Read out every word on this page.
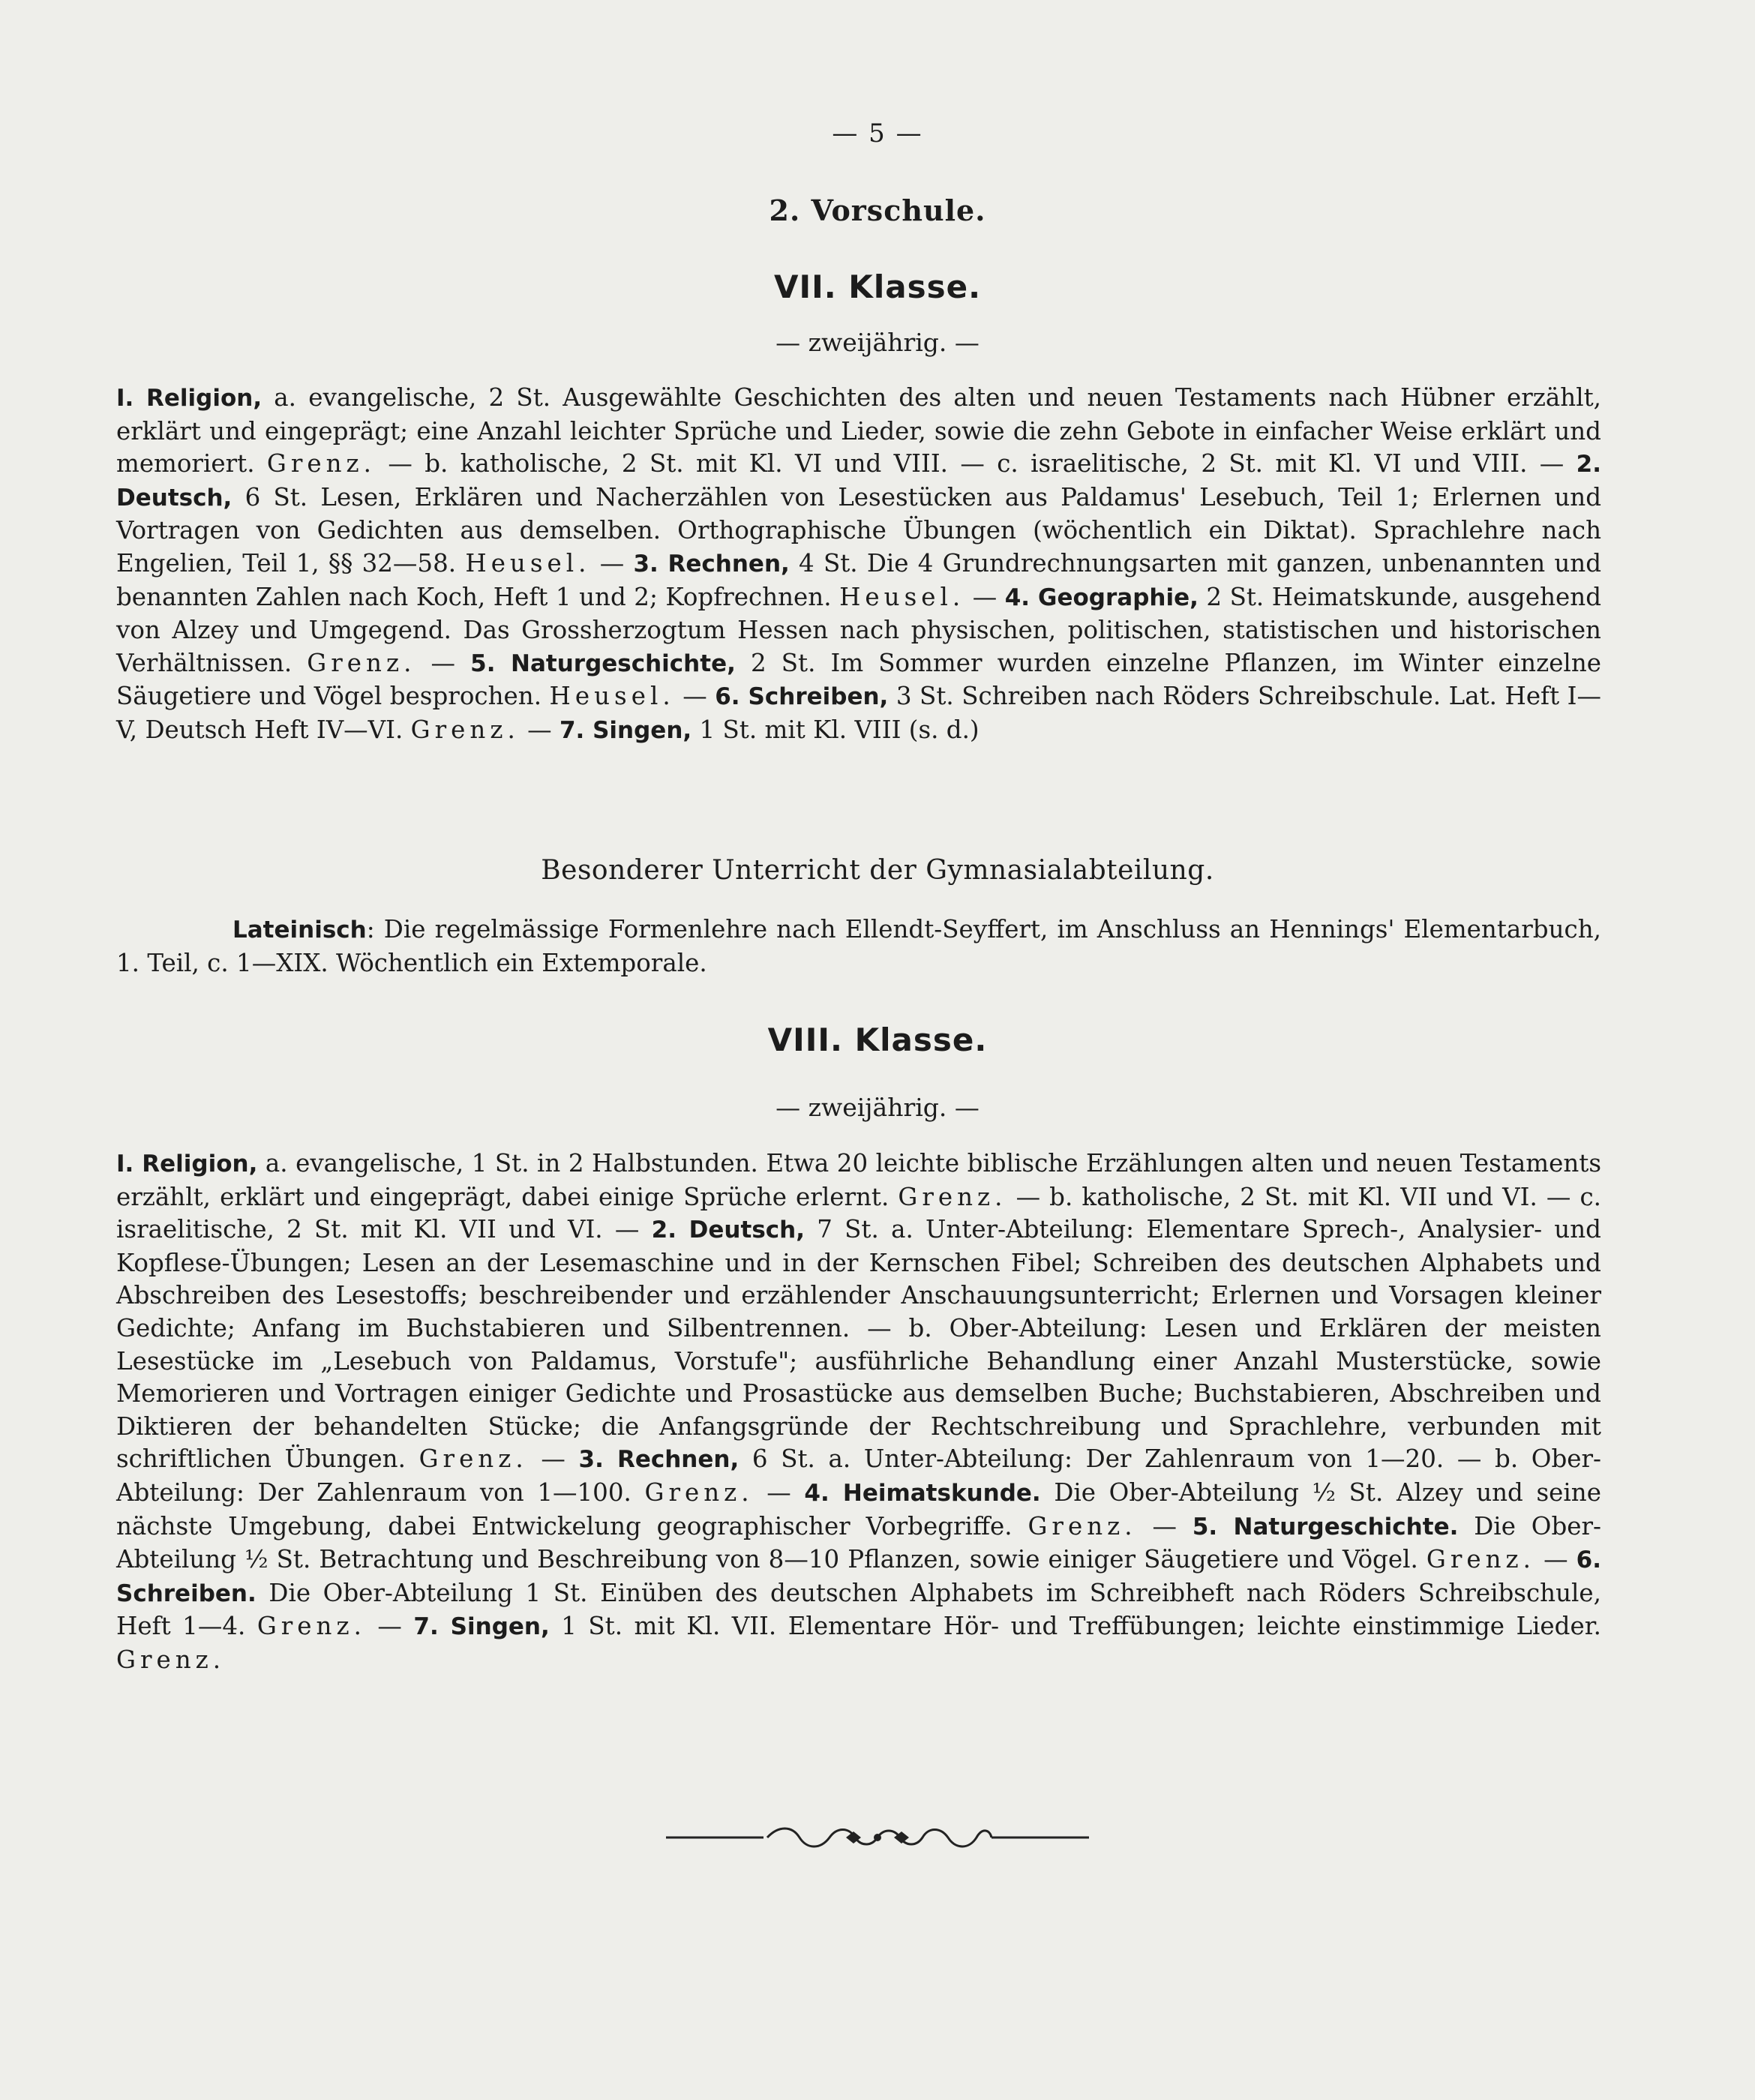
— 5 —
2. Vorschule.
VII. Klasse.
— zweijährig. —
I. Religion, a. evangelische, 2 St. Ausgewählte Geschichten des alten und neuen Testaments nach Hübner erzählt, erklärt und eingeprägt; eine Anzahl leichter Sprüche und Lieder, sowie die zehn Gebote in einfacher Weise erklärt und memoriert. Grenz. — b. katholische, 2 St. mit Kl. VI und VIII. — c. israelitische, 2 St. mit Kl. VI und VIII. — 2. Deutsch, 6 St. Lesen, Erklären und Nacherzählen von Lesestücken aus Paldamus' Lesebuch, Teil 1; Erlernen und Vortragen von Gedichten aus demselben. Orthographische Übungen (wöchentlich ein Diktat). Sprachlehre nach Engelien, Teil 1, §§ 32—58. Heusel. — 3. Rechnen, 4 St. Die 4 Grundrechnungsarten mit ganzen, unbenannten und benannten Zahlen nach Koch, Heft 1 und 2; Kopfrechnen. Heusel. — 4. Geographie, 2 St. Heimatskunde, ausgehend von Alzey und Umgegend. Das Grossherzogtum Hessen nach physischen, politischen, statistischen und historischen Verhältnissen. Grenz. — 5. Naturgeschichte, 2 St. Im Sommer wurden einzelne Pflanzen, im Winter einzelne Säugetiere und Vögel besprochen. Heusel. — 6. Schreiben, 3 St. Schreiben nach Röders Schreibschule. Lat. Heft I—V, Deutsch Heft IV—VI. Grenz. — 7. Singen, 1 St. mit Kl. VIII (s. d.)
Besonderer Unterricht der Gymnasialabteilung.
Lateinisch: Die regelmässige Formenlehre nach Ellendt-Seyffert, im Anschluss an Hennings' Elementarbuch, 1. Teil, c. 1—XIX. Wöchentlich ein Extemporale.
VIII. Klasse.
— zweijährig. —
I. Religion, a. evangelische, 1 St. in 2 Halbstunden. Etwa 20 leichte biblische Erzählungen alten und neuen Testaments erzählt, erklärt und eingeprägt, dabei einige Sprüche erlernt. Grenz. — b. katholische, 2 St. mit Kl. VII und VI. — c. israelitische, 2 St. mit Kl. VII und VI. — 2. Deutsch, 7 St. a. Unter-Abteilung: Elementare Sprech-, Analysier- und Kopflese-Übungen; Lesen an der Lesemaschine und in der Kernschen Fibel; Schreiben des deutschen Alphabets und Abschreiben des Lesestoffs; beschreibender und erzählender Anschauungsunterricht; Erlernen und Vorsagen kleiner Gedichte; Anfang im Buchstabieren und Silbentrennen. — b. Ober-Abteilung: Lesen und Erklären der meisten Lesestücke im „Lesebuch von Paldamus, Vorstufe"; ausführliche Behandlung einer Anzahl Musterstücke, sowie Memorieren und Vortragen einiger Gedichte und Prosastücke aus demselben Buche; Buchstabieren, Abschreiben und Diktieren der behandelten Stücke; die Anfangsgründe der Rechtschreibung und Sprachlehre, verbunden mit schriftlichen Übungen. Grenz. — 3. Rechnen, 6 St. a. Unter-Abteilung: Der Zahlenraum von 1—20. — b. Ober-Abteilung: Der Zahlenraum von 1—100. Grenz. — 4. Heimatskunde. Die Ober-Abteilung ½ St. Alzey und seine nächste Umgebung, dabei Entwickelung geographischer Vorbegriffe. Grenz. — 5. Naturgeschichte. Die Ober-Abteilung ½ St. Betrachtung und Beschreibung von 8—10 Pflanzen, sowie einiger Säugetiere und Vögel. Grenz. — 6. Schreiben. Die Ober-Abteilung 1 St. Einüben des deutschen Alphabets im Schreibheft nach Röders Schreibschule, Heft 1—4. Grenz. — 7. Singen, 1 St. mit Kl. VII. Elementare Hör- und Treffübungen; leichte einstimmige Lieder. Grenz.
